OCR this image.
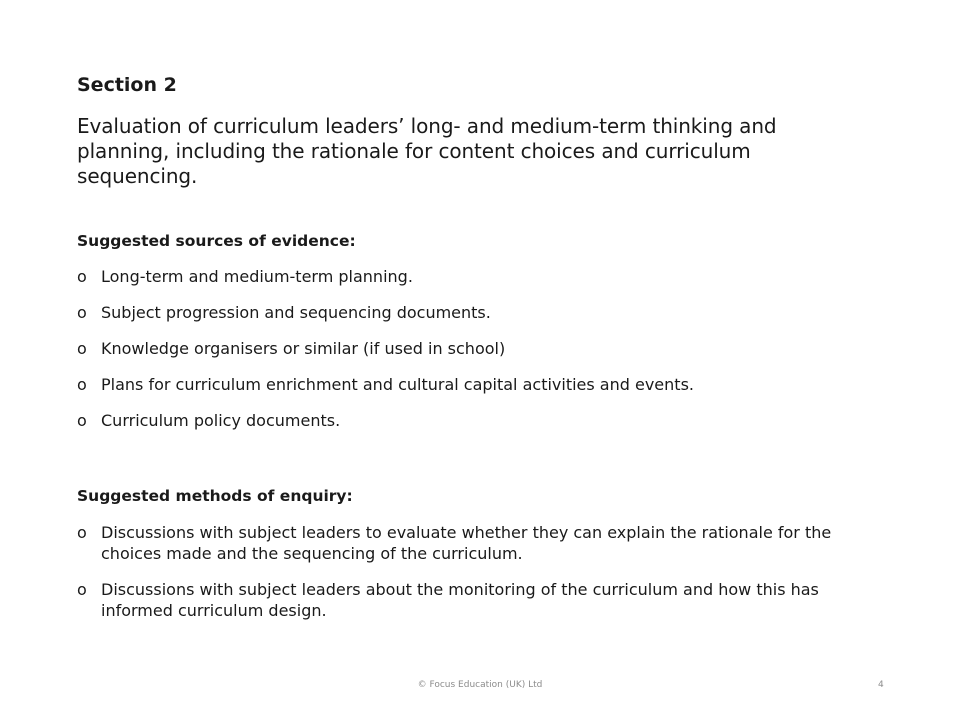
Section 2

Evaluation of curriculum leaders’ long- and medium-term thinking and planning, including the rationale for content choices and curriculum sequencing.

Suggested sources of evidence:

o Long-term and medium-term planning.
o Subject progression and sequencing documents.
o Knowledge organisers or similar (if used in school)
o Plans for curriculum enrichment and cultural capital activities and events.
o Curriculum policy documents.

Suggested methods of enquiry:

o Discussions with subject leaders to evaluate whether they can explain the rationale for the choices made and the sequencing of the curriculum.
o Discussions with subject leaders about the monitoring of the curriculum and how this has informed curriculum design.
© Focus Education (UK) Ltd	4
